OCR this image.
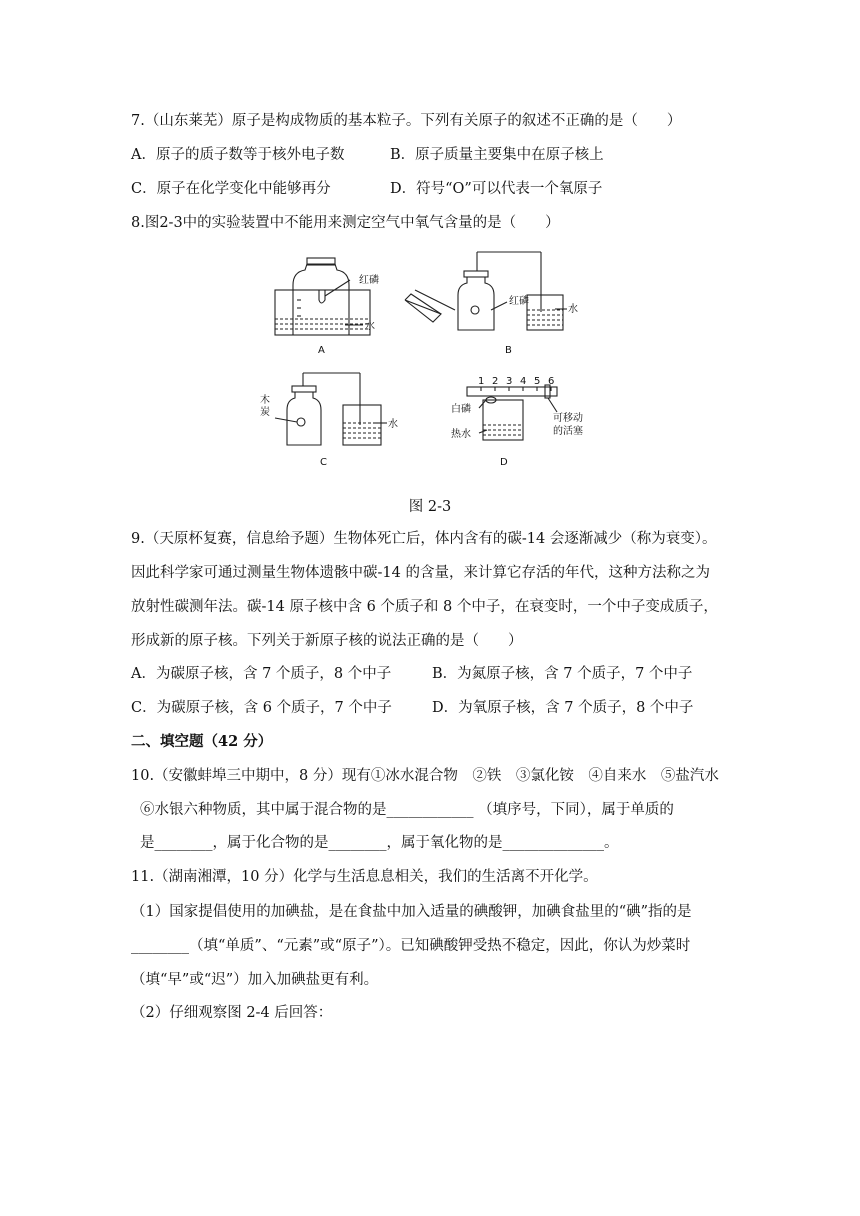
7.（山东莱芜）原子是构成物质的基本粒子。下列有关原子的叙述不正确的是（　　）
A．原子的质子数等于核外电子数	B．原子质量主要集中在原子核上
C．原子在化学变化中能够再分	D．符号“O”可以代表一个氧原子
8.图2-3中的实验装置中不能用来测定空气中氧气含量的是（　　）
红磷
水
A
红磷
水
B
木
炭
水
C
1 2 3 4 5 6
白磷
热水
可移动
的活塞
D
图 2-3
9.（天原杯复赛，信息给予题）生物体死亡后，体内含有的碳-14 会逐渐减少（称为衰变）。
因此科学家可通过测量生物体遗骸中碳-14 的含量，来计算它存活的年代，这种方法称之为
放射性碳测年法。碳-14 原子核中含 6 个质子和 8 个中子，在衰变时，一个中子变成质子，
形成新的原子核。下列关于新原子核的说法正确的是（　　）
A．为碳原子核，含 7 个质子，8 个中子	B．为氮原子核，含 7 个质子，7 个中子
C．为碳原子核，含 6 个质子，7 个中子	D．为氧原子核，含 7 个质子，8 个中子
二、填空题（42 分）
10.（安徽蚌埠三中期中，8 分）现有①冰水混合物　②铁　③氯化铵　④自来水　⑤盐汽水
⑥水银六种物质，其中属于混合物的是____________ （填序号，下同），属于单质的
是________，属于化合物的是________，属于氧化物的是______________。
11.（湖南湘潭，10 分）化学与生活息息相关，我们的生活离不开化学。
（1）国家提倡使用的加碘盐，是在食盐中加入适量的碘酸钾，加碘食盐里的“碘”指的是
________（填“单质”、“元素”或“原子”）。已知碘酸钾受热不稳定，因此，你认为炒菜时
（填“早”或“迟”）加入加碘盐更有利。
（2）仔细观察图 2-4 后回答：
